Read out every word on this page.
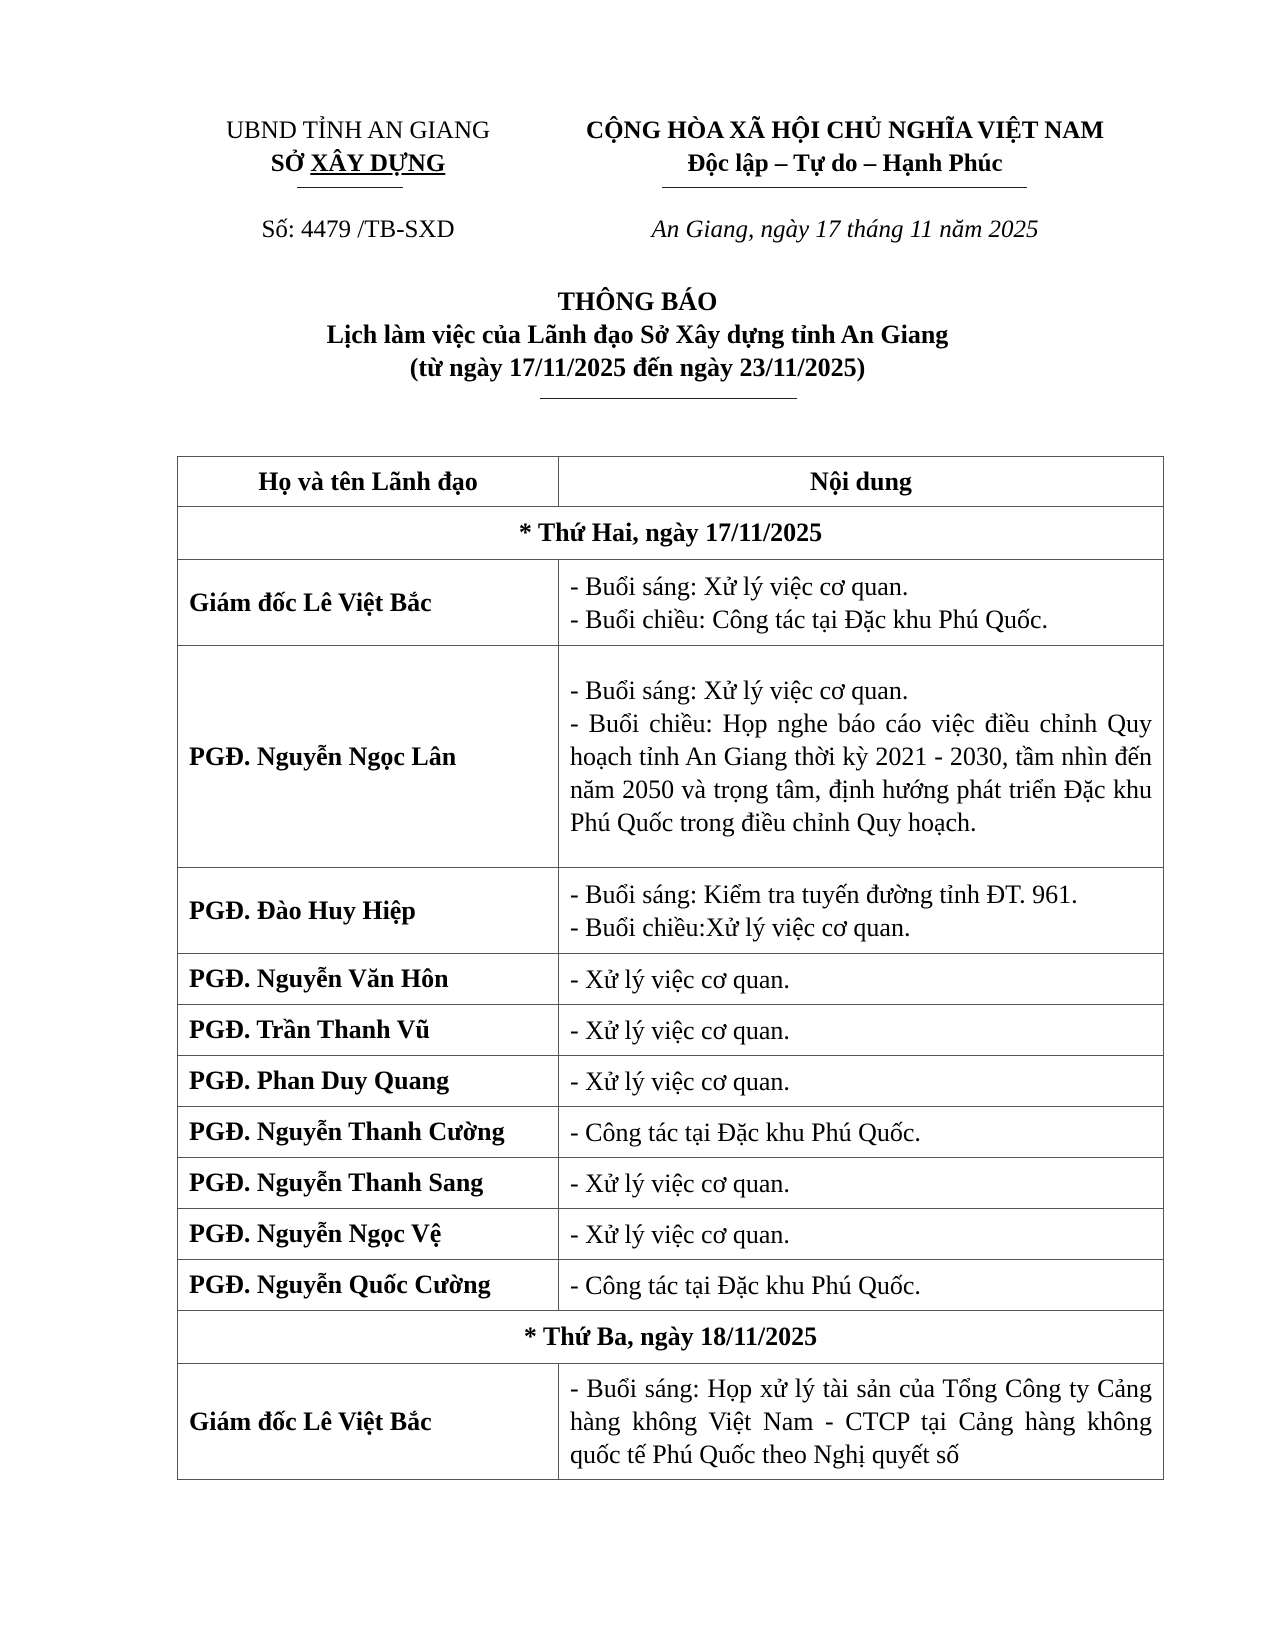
UBND TỈNH AN GIANG
SỞ XÂY DỰNG
Số: 4479 /TB-SXD
CỘNG HÒA XÃ HỘI CHỦ NGHĨA VIỆT NAM
Độc lập – Tự do – Hạnh Phúc
An Giang, ngày 17 tháng 11 năm 2025
THÔNG BÁO
Lịch làm việc của Lãnh đạo Sở Xây dựng tỉnh An Giang
(từ ngày 17/11/2025 đến ngày 23/11/2025)
Họ và tên Lãnh đạo	Nội dung
* Thứ Hai, ngày 17/11/2025	
Giám đốc Lê Việt Bắc	- Buổi sáng: Xử lý việc cơ quan.
- Buổi chiều: Công tác tại Đặc khu Phú Quốc.

PGĐ. Nguyễn Ngọc Lân	- Buổi sáng: Xử lý việc cơ quan.
- Buổi chiều: Họp nghe báo cáo việc điều chỉnh Quy hoạch tỉnh An Giang thời kỳ 2021 - 2030, tầm nhìn đến năm 2050 và trọng tâm, định hướng phát triển Đặc khu Phú Quốc trong điều chỉnh Quy hoạch.

PGĐ. Đào Huy Hiệp	- Buổi sáng: Kiểm tra tuyến đường tỉnh ĐT. 961.
- Buổi chiều:Xử lý việc cơ quan.

PGĐ. Nguyễn Văn Hôn	- Xử lý việc cơ quan.

PGĐ. Trần Thanh Vũ	- Xử lý việc cơ quan.

PGĐ. Phan Duy Quang	- Xử lý việc cơ quan.

PGĐ. Nguyễn Thanh Cường	- Công tác tại Đặc khu Phú Quốc.

PGĐ. Nguyễn Thanh Sang	- Xử lý việc cơ quan.

PGĐ. Nguyễn Ngọc Vệ	- Xử lý việc cơ quan.

PGĐ. Nguyễn Quốc Cường	- Công tác tại Đặc khu Phú Quốc.

* Thứ Ba, ngày 18/11/2025	
Giám đốc Lê Việt Bắc	- Buổi sáng: Họp xử lý tài sản của Tổng Công ty Cảng hàng không Việt Nam - CTCP tại Cảng hàng không quốc tế Phú Quốc theo Nghị quyết số
